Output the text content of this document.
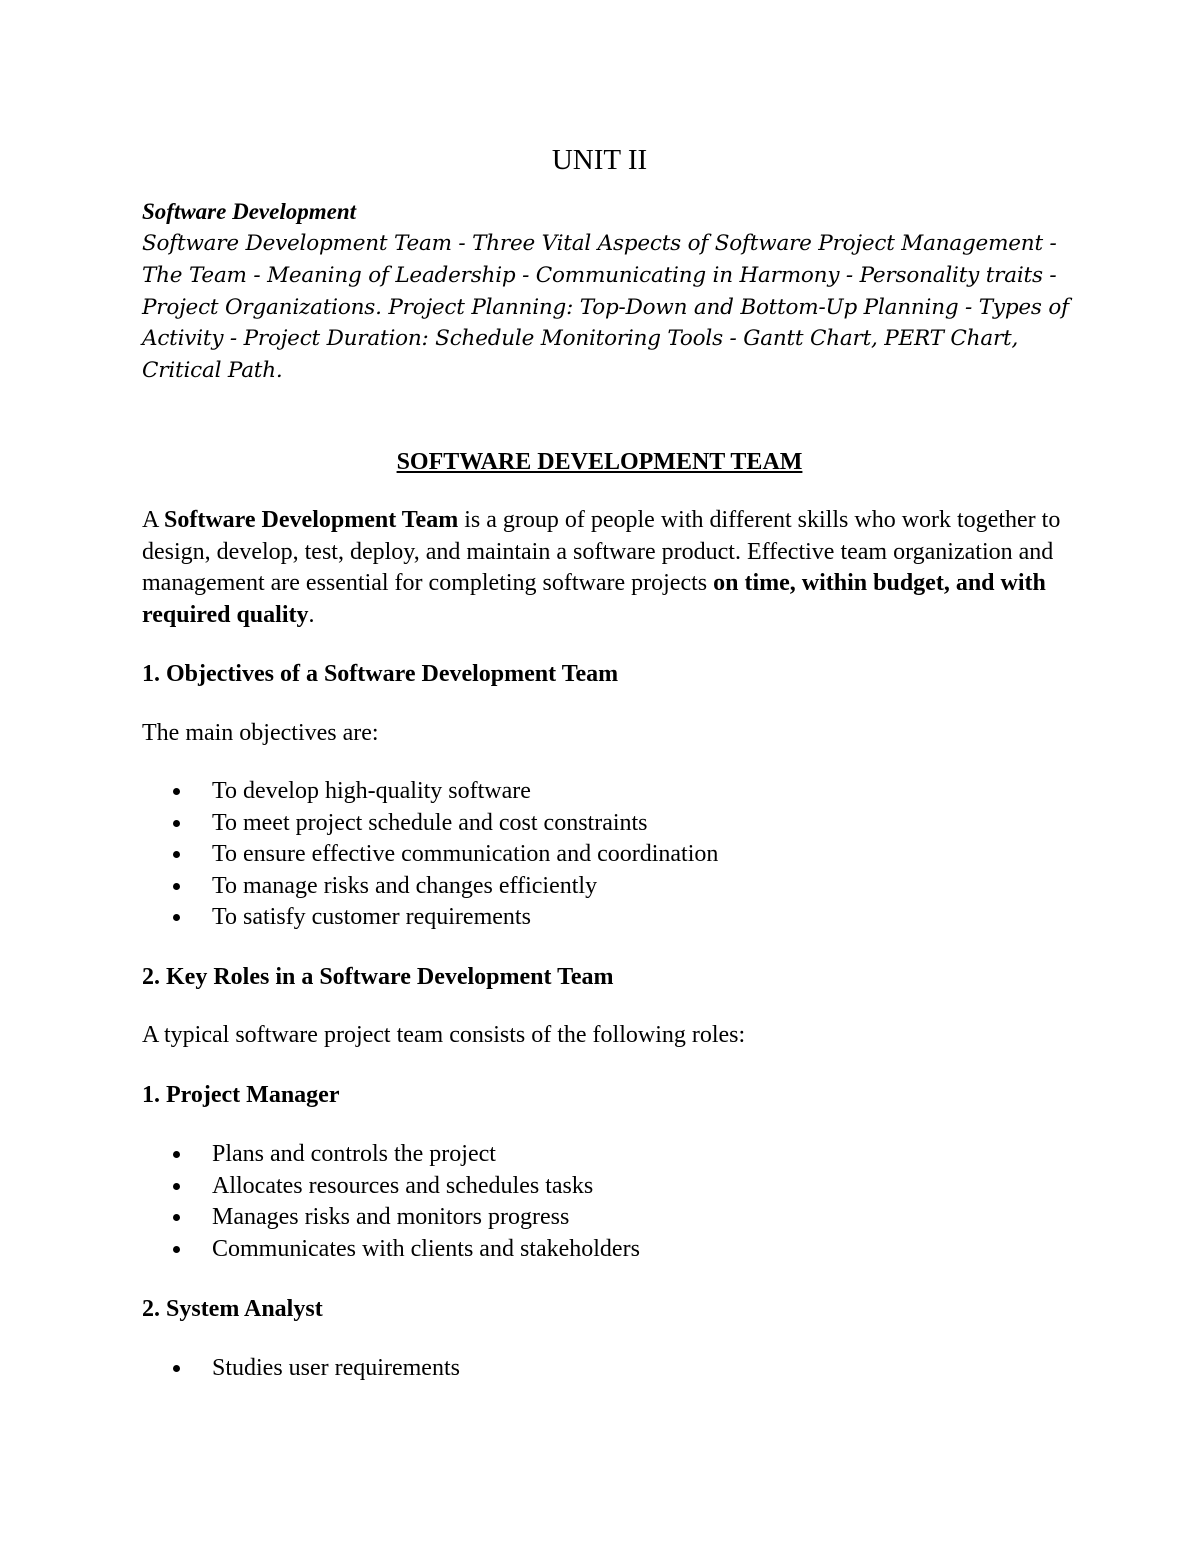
UNIT II
Software Development
Software Development Team - Three Vital Aspects of Software Project Management - The Team - Meaning of Leadership - Communicating in Harmony - Personality traits - Project Organizations. Project Planning: Top-Down and Bottom-Up Planning - Types of Activity - Project Duration: Schedule Monitoring Tools - Gantt Chart, PERT Chart, Critical Path.
SOFTWARE DEVELOPMENT TEAM

A Software Development Team is a group of people with different skills who work together to design, develop, test, deploy, and maintain a software product. Effective team organization and management are essential for completing software projects on time, within budget, and with required quality.

1. Objectives of a Software Development Team

The main objectives are:

To develop high-quality software
To meet project schedule and cost constraints
To ensure effective communication and coordination
To manage risks and changes efficiently
To satisfy customer requirements

2. Key Roles in a Software Development Team

A typical software project team consists of the following roles:

1. Project Manager

Plans and controls the project
Allocates resources and schedules tasks
Manages risks and monitors progress
Communicates with clients and stakeholders

2. System Analyst

Studies user requirements
